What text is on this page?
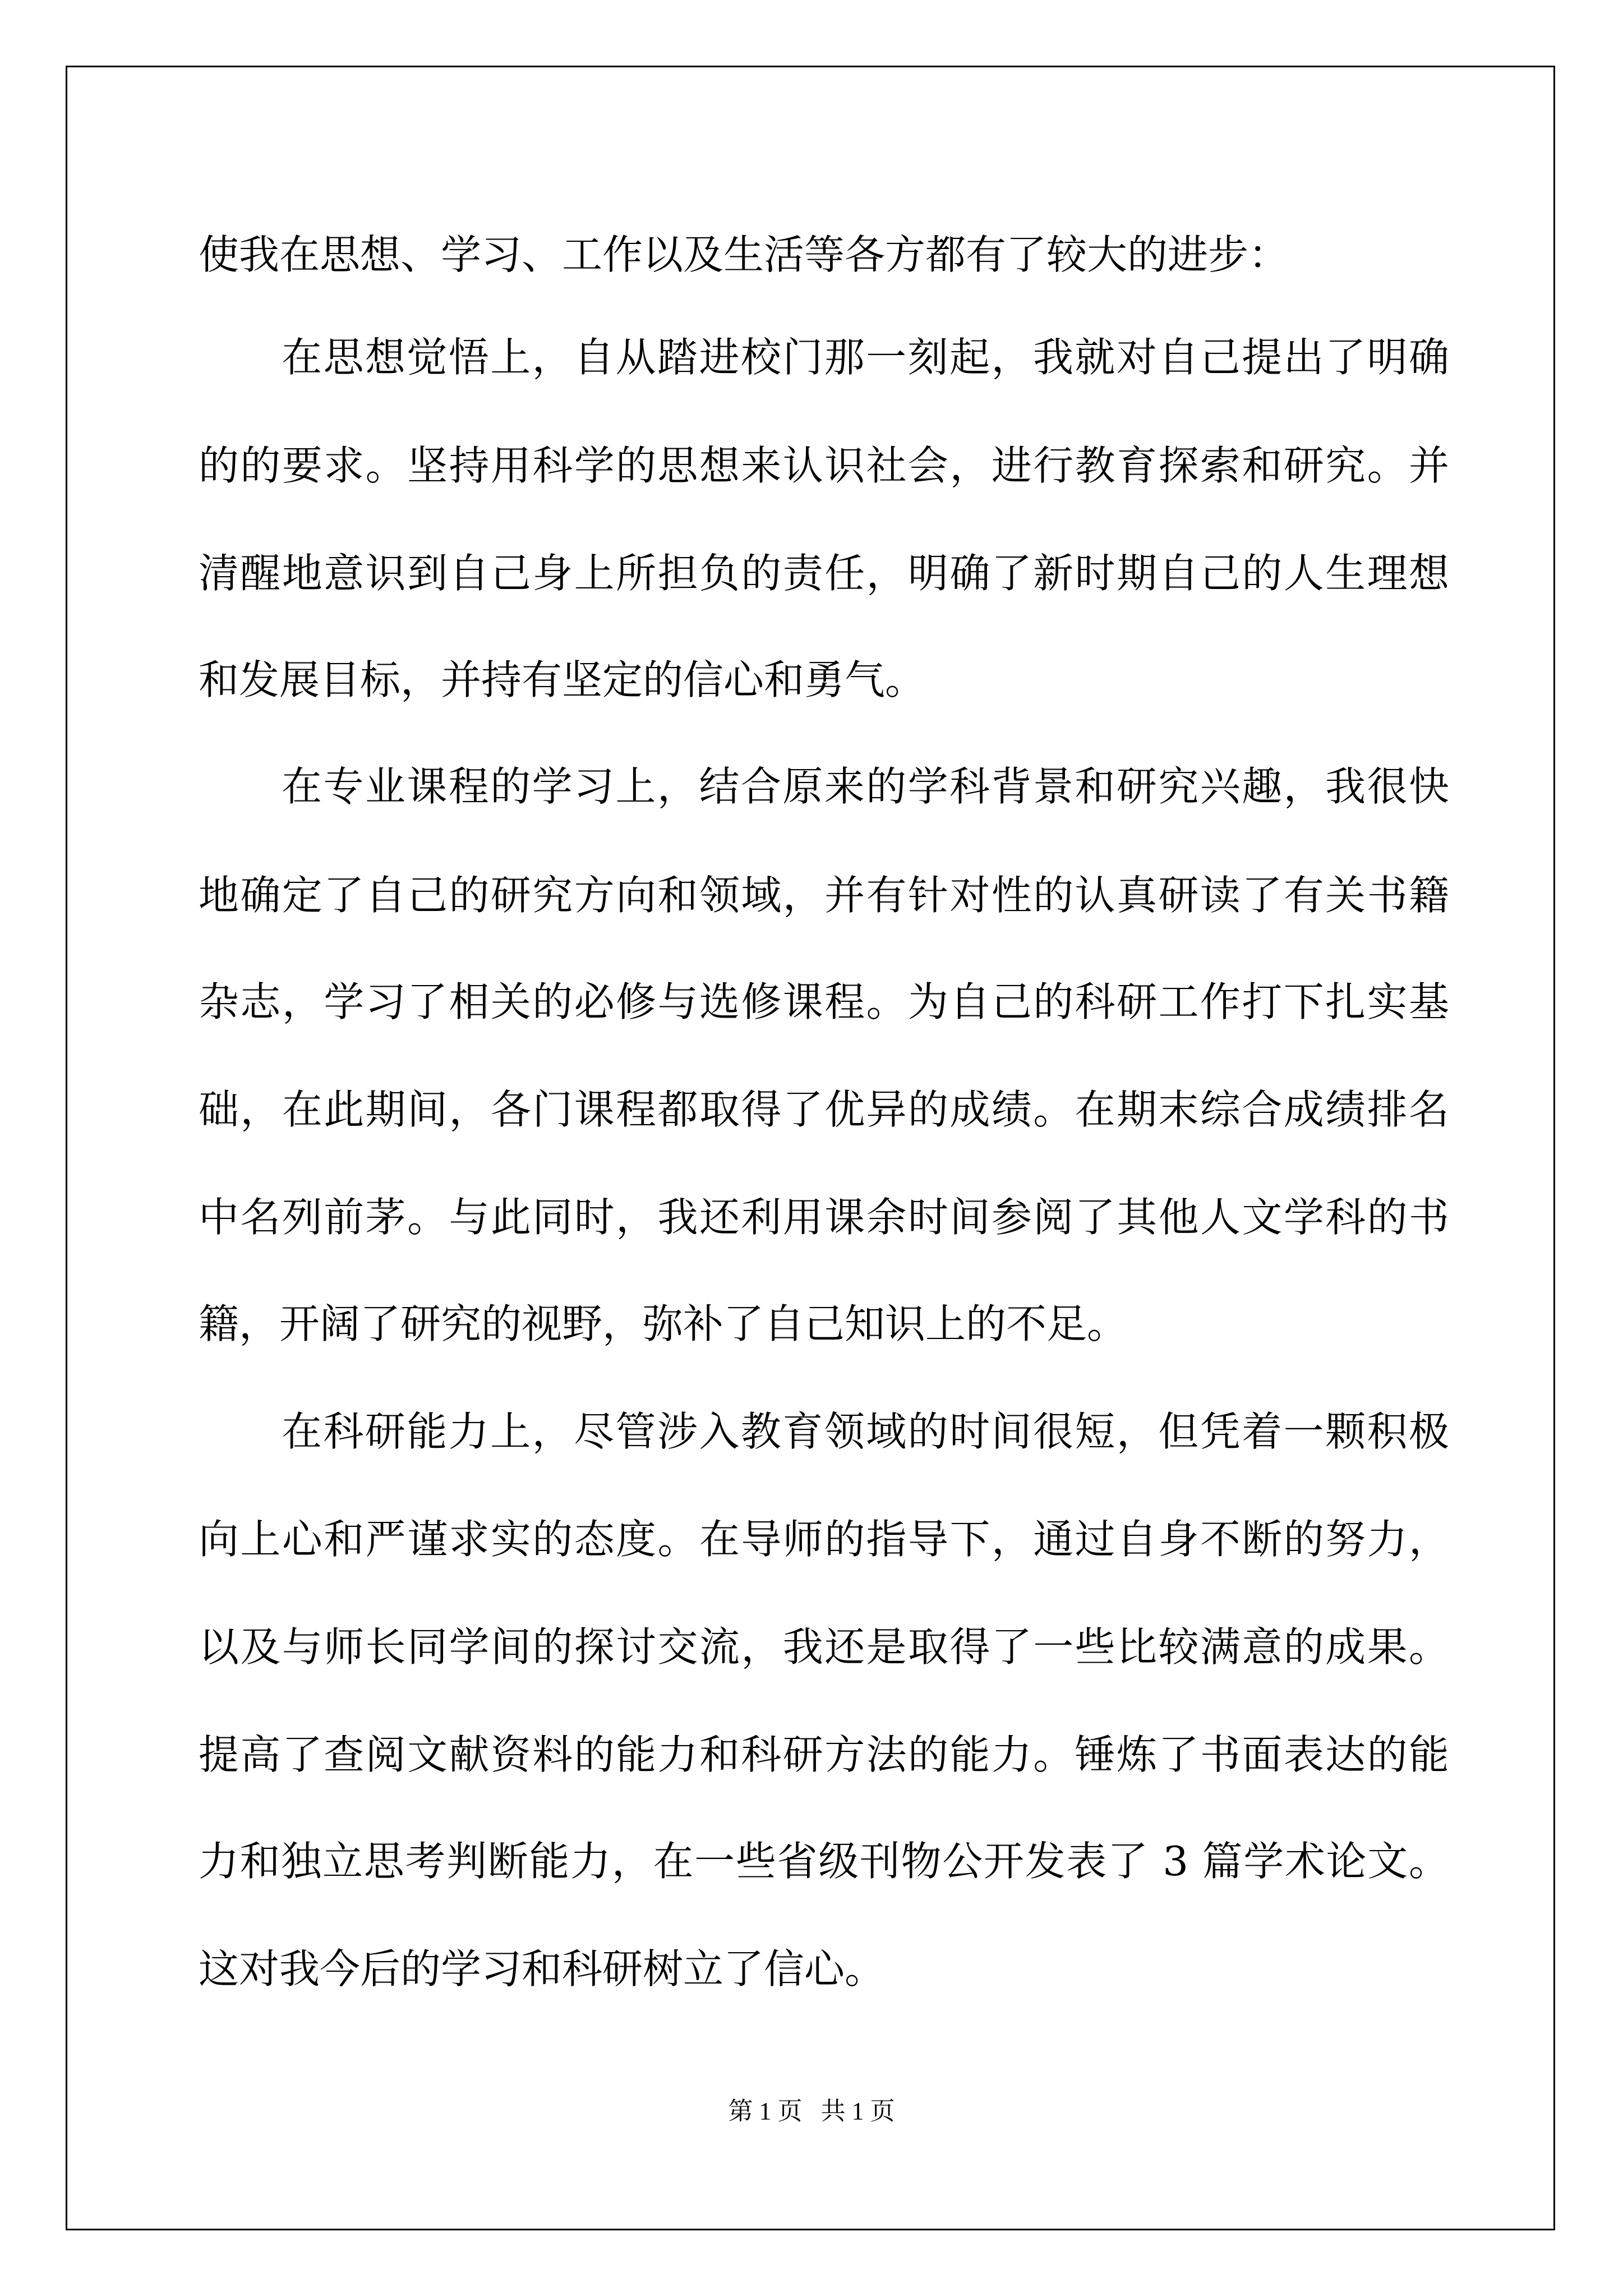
使我在思想、学习、工作以及生活等各方都有了较大的进步：
在思想觉悟上，自从踏进校门那一刻起，我就对自己提出了明确
的的要求。坚持用科学的思想来认识社会，进行教育探索和研究。并
清醒地意识到自己身上所担负的责任，明确了新时期自己的人生理想
和发展目标，并持有坚定的信心和勇气。
在专业课程的学习上，结合原来的学科背景和研究兴趣，我很快
地确定了自己的研究方向和领域，并有针对性的认真研读了有关书籍
杂志，学习了相关的必修与选修课程。为自己的科研工作打下扎实基
础，在此期间，各门课程都取得了优异的成绩。在期末综合成绩排名
中名列前茅。与此同时，我还利用课余时间参阅了其他人文学科的书
籍，开阔了研究的视野，弥补了自己知识上的不足。
在科研能力上，尽管涉入教育领域的时间很短，但凭着一颗积极
向上心和严谨求实的态度。在导师的指导下，通过自身不断的努力，
以及与师长同学间的探讨交流，我还是取得了一些比较满意的成果。
提高了查阅文献资料的能力和科研方法的能力。锤炼了书面表达的能
力和独立思考判断能力，在一些省级刊物公开发表了 3 篇学术论文。
这对我今后的学习和科研树立了信心。
第 1 页   共 1 页
